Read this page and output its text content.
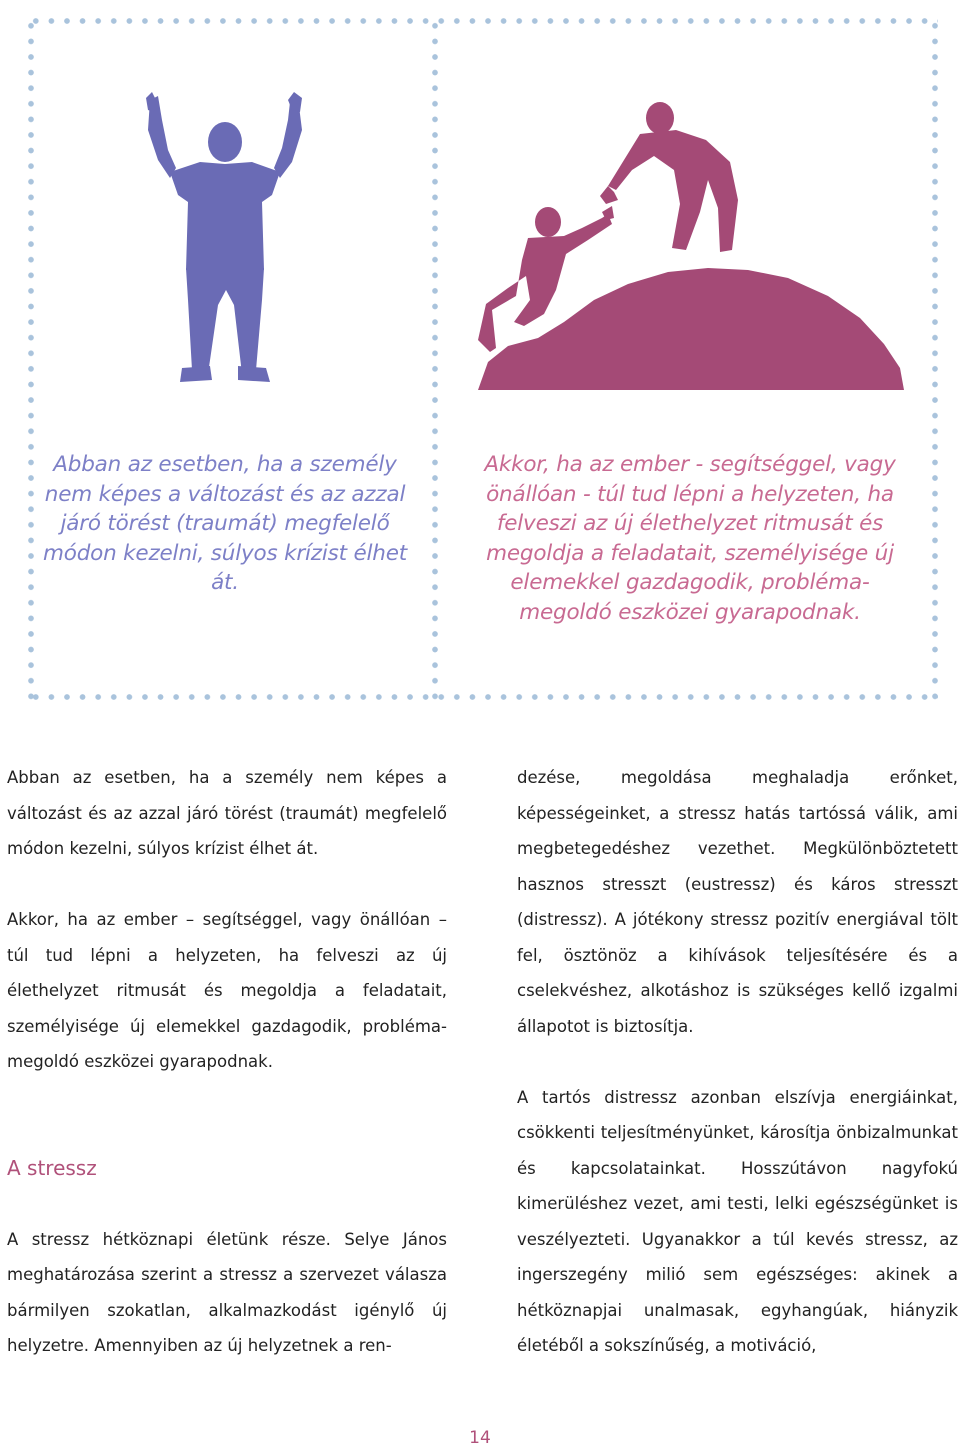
Abban az esetben, ha a személy nem képes a változást és az azzal járó törést (traumát) megfelelő módon kezelni, súlyos krízist élhet át.
Akkor, ha az ember - segítséggel, vagy önállóan - túl tud lépni a helyzeten, ha felveszi az új élethelyzet ritmusát és megoldja a feladatait, személyisége új elemekkel gazdagodik, probléma-megoldó eszközei gyarapodnak.

Abban az esetben, ha a személy nem képes a változást és az azzal járó törést (traumát) megfelelő módon kezelni, súlyos krízist élhet át.

Akkor, ha az ember – segítséggel, vagy önállóan – túl tud lépni a helyzeten, ha felveszi az új élethelyzet ritmusát és megoldja a feladatait, személyisége új elemekkel gazdagodik, probléma-megoldó eszközei gyarapodnak.

A stressz

A stressz hétköznapi életünk része. Selye János meghatározása szerint a stressz a szervezet válasza bármilyen szokatlan, alkalmazkodást igénylő új helyzetre. Amennyiben az új helyzetnek a ren-

dezése, megoldása meghaladja erőnket, képességeinket, a stressz hatás tartóssá válik, ami megbetegedéshez vezethet. Megkülönböztetett hasznos stresszt (eustressz) és káros stresszt (distressz). A jótékony stressz pozitív energiával tölt fel, ösztönöz a kihívások teljesítésére és a cselekvéshez, alkotáshoz is szükséges kellő izgalmi állapotot is biztosítja.

A tartós distressz azonban elszívja energiáinkat, csökkenti teljesítményünket, károsítja önbizalmunkat és kapcsolatainkat. Hosszútávon nagyfokú kimerüléshez vezet, ami testi, lelki egészségünket is veszélyezteti. Ugyanakkor a túl kevés stressz, az ingerszegény milió sem egészséges: akinek a hétköznapjai unalmasak, egyhangúak, hiányzik életéből a sokszínűség, a motiváció,

14
